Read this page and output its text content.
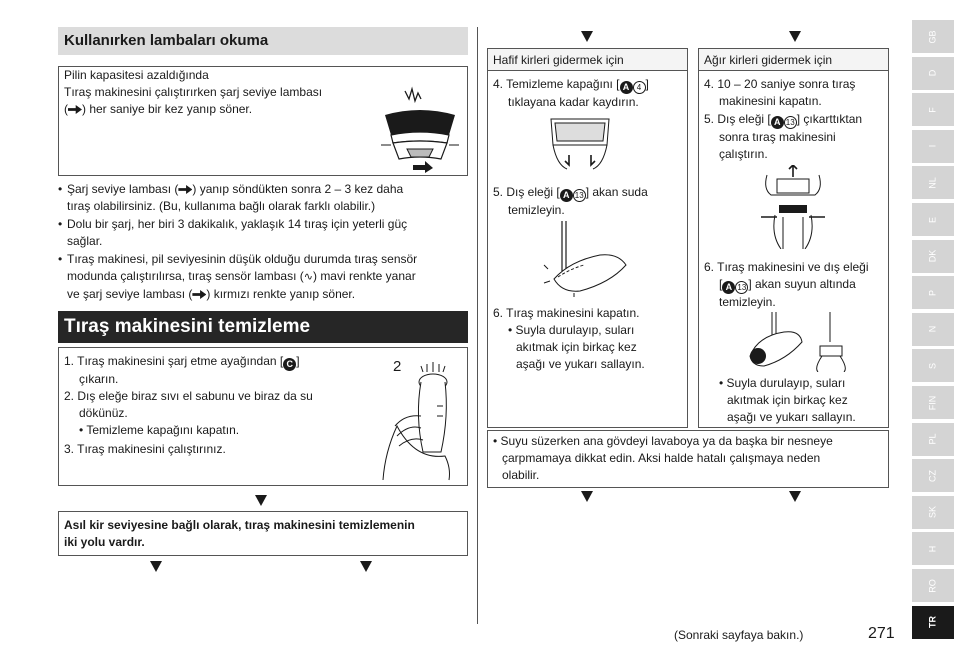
Kullanırken lambaları okuma
Pilin kapasitesi azaldığında
Tıraş makinesini çalıştırırken şarj seviye lambası
( ) her saniye bir kez yanıp söner.
• Şarj seviye lambası ( ) yanıp söndükten sonra 2 – 3 kez daha
tıraş olabilirsiniz. (Bu, kullanıma bağlı olarak farklı olabilir.)
• Dolu bir şarj, her biri 3 dakikalık, yaklaşık 14 tıraş için yeterli güç
sağlar.
• Tıraş makinesi, pil seviyesinin düşük olduğu durumda tıraş sensör
modunda çalıştırılırsa, tıraş sensör lambası (∿) mavi renkte yanar
ve şarj seviye lambası ( ) kırmızı renkte yanıp söner.
Tıraş makinesini temizleme
1. Tıraş makinesini şarj etme ayağından [ C ]
çıkarın.
2. Dış eleğe biraz sıvı el sabunu ve biraz da su
dökünüz.
• Temizleme kapağını kapatın.
3. Tıraş makinesini çalıştırınız.
2
Asıl kir seviyesine bağlı olarak, tıraş makinesini temizlemenin
iki yolu vardır.
Hafif kirleri gidermek için
4. Temizleme kapağını [ A 4 ]
tıklayana kadar kaydırın.
5. Dış eleği [ A 13 ] akan suda
temizleyin.
6. Tıraş makinesini kapatın.
• Suyla durulayıp, suları
akıtmak için birkaç kez
aşağı ve yukarı sallayın.
Ağır kirleri gidermek için
4. 10 – 20 saniye sonra tıraş
makinesini kapatın.
5. Dış eleği [ A 13 ] çıkarttıktan
sonra tıraş makinesini
çalıştırın.
6. Tıraş makinesini ve dış eleği
[ A 13 ] akan suyun altında
temizleyin.
• Suyla durulayıp, suları
akıtmak için birkaç kez
aşağı ve yukarı sallayın.
• Suyu süzerken ana gövdeyi lavaboya ya da başka bir nesneye
çarpmamaya dikkat edin. Aksi halde hatalı çalışmaya neden
olabilir.
(Sonraki sayfaya bakın.)	271
GB
D
F
I
NL
E
DK
P
N
S
FIN
PL
CZ
SK
H
RO
TR
